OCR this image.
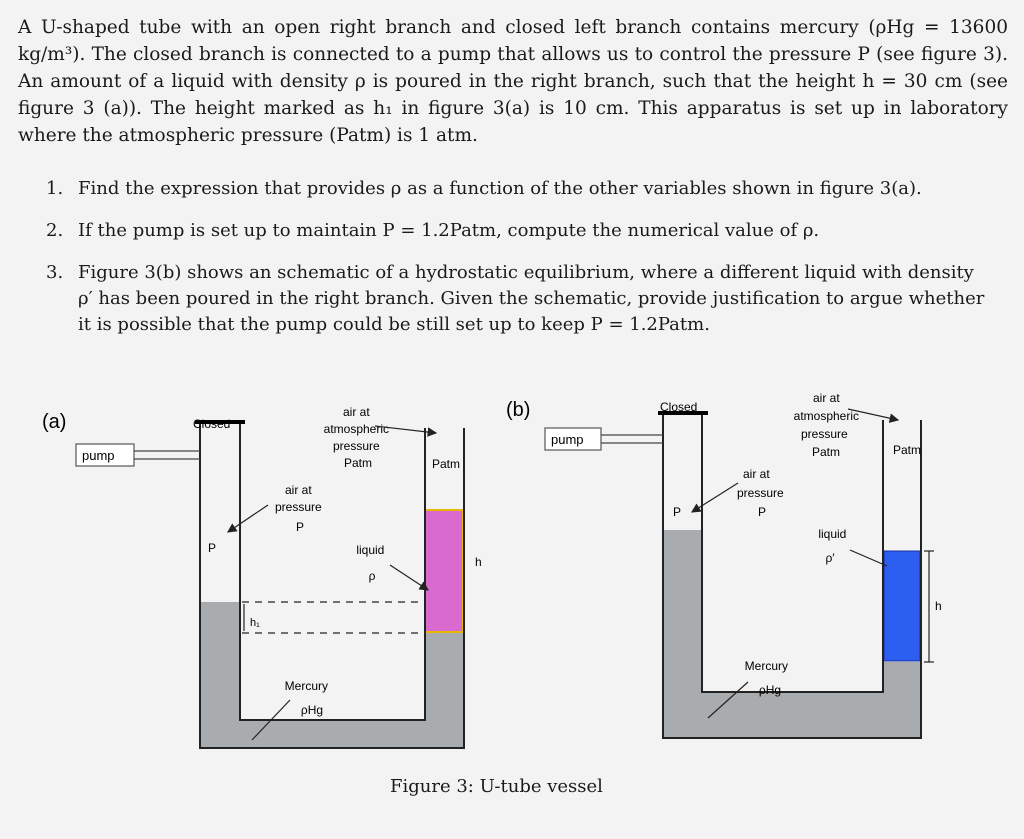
A U-shaped tube with an open right branch and closed left branch contains mercury (ρHg = 13600 kg/m³). The closed branch is connected to a pump that allows us to control the pressure P (see figure 3). An amount of a liquid with density ρ is poured in the right branch, such that the height h = 30 cm (see figure 3 (a)). The height marked as h₁ in figure 3(a) is 10 cm. This apparatus is set up in laboratory where the atmospheric pressure (Patm) is 1 atm.
1. Find the expression that provides ρ as a function of the other variables shown in figure 3(a).
2. If the pump is set up to maintain P = 1.2Patm, compute the numerical value of ρ.
3. Figure 3(b) shows an schematic of a hydrostatic equilibrium, where a different liquid with density ρ′ has been poured in the right branch. Given the schematic, provide justification to argue whether it is possible that the pump could be still set up to keep P = 1.2Patm.
(a)
pump
Closed
air at atmospheric pressure Patm	Patm
air at pressure P
P	liquid ρ
h
h₁
Mercury ρHg
(b)
pump
Closed
air at atmospheric pressure Patm	Patm
air at pressure P
P
liquid ρ′
h
Mercury ρHg
Figure 3: U-tube vessel
